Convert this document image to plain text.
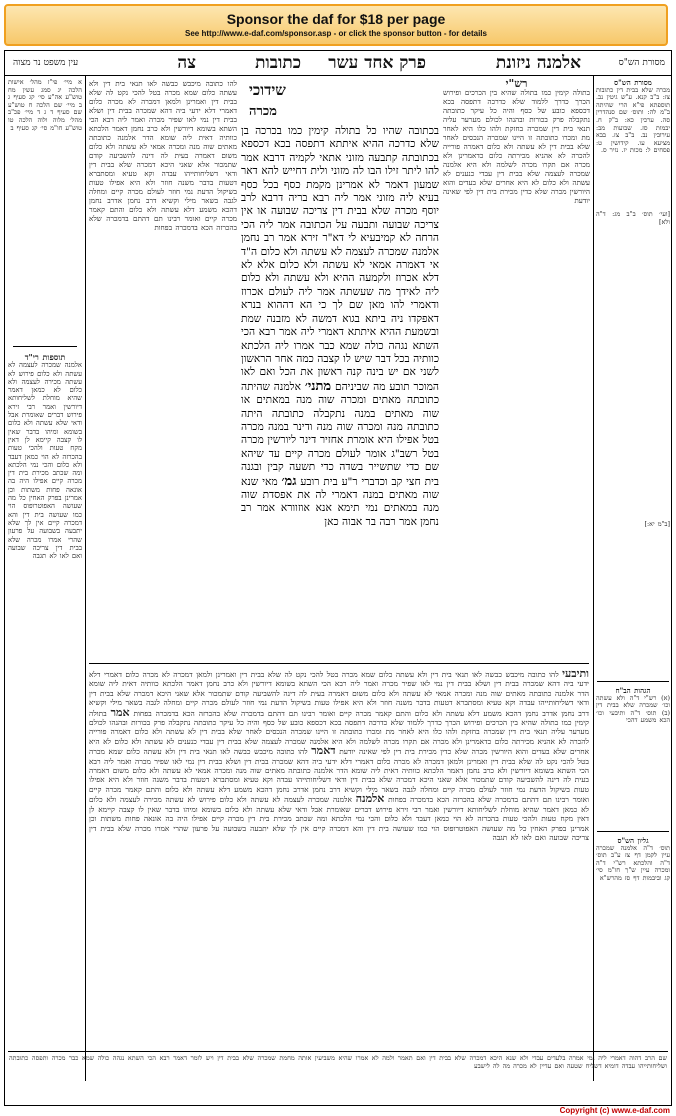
Sponsor the daf for $18 per page
See http://www.e-daf.com/sponsor.asp - or click the sponsor button - for details
מסורת הש"ס
אלמנה ניזונת
פרק אחד עשר
כתובות
צה
עין משפט נר מצוה
מסורת הש"ס
מכרה שלא בבית דין כתובות צז: ב"ב קנא. ע"ש גיטין נב. תוספתא פי"א הרי שהיתה ב"מ לה: ותוס׳ שם סנהדרין סה. ערכין כא: ב"ק ח. יבמות סז. שבועות מב: עירובין נב. ב"ב צז. בבא מציעא עו. קידושין ט: פסחים ל: מכות יז. נזיר ס.
[ועי׳ תוס׳ ב"ב מג: ד"ה ולא]
[ב"מ יא:]
הגהות הב"ח
(א) רש"י ד"ה ולא עשתה וכו׳ שמכרה שלא בבית דין (ב) תוס׳ ד"ה ותיבעי וכו׳ הכא משמע דהכי
גליון הש"ס
תוס׳ ד"ה אלמנה שמכרה עיין לקמן דף צז ע"ב תוס׳ ד"ה והלכתא רש"י ד"ה ומכרה עיין ש"ך חו"מ סי׳ קג וביבמות דף סז מהרש"א
רש"י
בתולה קימין כמו בתולה שהיא בין הכרכים ופירוש הכרך כדרך ללמוד שלא כדרכה דתפסה בכא דכספא כובע של כסף והיה כל עיקר כתובתה נתקבלה פרק בכורות ובהנהו לכולם מערער עליה תנאי בית דין שמכרה בחזקת ולהו כלו היא לאחר מת ומכרו כתובתה זו היינו שמכרה הנכסים לאחר שלא בבית דין לא עשתה ולא כלום דאמרה פורייה להכרה לא אהניא מכירתה כלום כדאמרינן ולא מכרה אם תקרו מכרה לשלמה ולא היא אלמנה שמכרה לעצמה שלא בבית דין עבדי כנענים לא עשתה ולא כלום לא היא אחרים שלא בעדים והוא היורשין מכרה שלא כדין מכירת בית דין לפי שאינה יודעת
להו כתובה מיכבש כבשה לאו תנאי בית דין ולא עשתה כלום שמא מכרה בטל להכי נקט לה שלא בבית דין ואמרינן ולמאן דמכרה לא מכרה כלום דאמרי דלא ידעי ביה דהא שמכרה בבית דין ושלא בבית דין נמי לאו שפיר מכרה ואמר ליה רבא הכי השתא בשומא דיורשין ולא כרב נחמן דאמר הלכתא כוותיה דאית ליה שומא הדר אלמנה כתובתה מאתים שוה מנה ומכרה אמאי לא עשתה ולא כלום משום דאמרה בעית לה דינה להשביעה קודם שתמכור אלא שאני היכא דמכרה שלא בבית דין ודאי דשליחותייהו עבדה וקא טעיא ומסתברא דטעות בדבר משנה חוזר ולא היא אפילו טעות בשיקול הדעת נמי חוזר לעולם מכרה קיים ומחלה לגבה בשאר מילי וקשיא דרב נחמן אדרב נחמן דהכא משמע דלא עשתה ולא כלום והתם קאמר מכרה קיים ואומר רבינו תם דהתם בדמכרה שלא בהכרזה הכא בדמכרה בפחות
שידוכי
מכרה
בכתובה שהיו כל בתולה קימין כמו בכרכה בן שלא כדרכה ההיא איתתא דתפסה בכא דכספא בכתובתה קתבעה מזוני אתאי לקמיה דרבא אמר להו ליתר זילו הבו לה מזוני ולית דחייש להא דאר שמעון דאמר לא אמרינן מקמת כסף בכל כסף בעיא ליה מזוני אמר ליה רבא בריה דרבא לרב יוסף מכרה שלא בבית דין צריכה שבועה או אין צריכה שבועה ותבעה על הכתובה אמר ליה הכי הרחה לא קמיבעיא לי דא"ר זירא אמר רב נחמן אלמנה שמכרה לעצמה לא עשתה ולא כלום ה"ד אי דאמרה אמאי לא עשתה ולא כלום אלא לא דלא אכרוז ולקמעה ההיא ולא עשתה ולא כלום ליה לאידך מה שעשתה אמר ליה לעולם אכרוז ודאמרי להו מאן שם לך כי הא דההוא בנרא דאפקדו ניה ביתא בגוא דמשה לא מזבנה שמת ובשמעת ההיא איתתא דאמרי ליה אמר רבא הכי השתא נגהה כולה שמא כבר אמרו ליה הלכתא כוותיה בכל דבר שיש לו קצבה כמה אחר הראשון לשני אם יש בינה קנה ראשון את הכל ואם לאו המוכר תובע מה שביניהם מתני׳ אלמנה שהיתה כתובתה מאתים ומכרה שוה מנה במאתים או שוה מאתים במנה נתקבלה כתובתה היתה כתובתה מנה ומכרה שוה מנה ודינר במנה מכרה בטל אפילו היא אומרת אחזיר דינר ליורשין מכרה בטל רשב"ג אומר לעולם מכרה קיים עד שיהא שם כדי שתשייר בשדה כדי תשעה קבין ובגנה בית חצי קב וכדברי ר"ע בית רובע גמ׳ מאי שנא שוה מאתים במנה דאמרי לה את אפסדת שוה מנה במאתים נמי תימא אנא אוזוורא אמר רב נחמן אמר רבה בר אבוה כאן
ותיבעי להו כתובה מיכבש כבשה לאו תנאי בית דין ולא עשתה כלום שמא מכרה בטל להכי נקט לה שלא בבית דין ואמרינן ולמאן דמכרה לא מכרה כלום דאמרי דלא ידעי ביה דהא שמכרה בבית דין ושלא בבית דין נמי לאו שפיר מכרה ואמר ליה רבא הכי השתא בשומא דיורשין ולא כרב נחמן דאמר הלכתא כוותיה דאית ליה שומא הדר אלמנה כתובתה מאתים שוה מנה ומכרה אמאי לא עשתה ולא כלום משום דאמרה בעית לה דינה להשביעה קודם שתמכור אלא שאני היכא דמכרה שלא בבית דין ודאי דשליחותייהו עבדה וקא טעיא ומסתברא דטעות בדבר משנה חוזר ולא היא אפילו טעות בשיקול הדעת נמי חוזר לעולם מכרה קיים ומחלה לגבה בשאר מילי וקשיא דרב נחמן אדרב נחמן דהכא משמע דלא עשתה ולא כלום והתם קאמר מכרה קיים ואומר רבינו תם דהתם בדמכרה שלא בהכרזה הכא בדמכרה בפחות אמר בתולה קימין כמו בתולה שהיא בין הכרכים ופירוש הכרך כדרך ללמוד שלא כדרכה דתפסה בכא דכספא כובע של כסף והיה כל עיקר כתובתה נתקבלה פרק בכורות ובהנהו לכולם מערער עליה תנאי בית דין שמכרה בחזקת ולהו כלו היא לאחר מת ומכרו כתובתה זו היינו שמכרה הנכסים לאחר שלא בבית דין לא עשתה ולא כלום דאמרה פורייה להכרה לא אהניא מכירתה כלום כדאמרינן ולא מכרה אם תקרו מכרה לשלמה ולא היא אלמנה שמכרה לעצמה שלא בבית דין עבדי כנענים לא עשתה ולא כלום לא היא אחרים שלא בעדים והוא היורשין מכרה שלא כדין מכירת בית דין לפי שאינה יודעת דאמר להו כתובה מיכבש כבשה לאו תנאי בית דין ולא עשתה כלום שמא מכרה בטל להכי נקט לה שלא בבית דין ואמרינן ולמאן דמכרה לא מכרה כלום דאמרי דלא ידעי ביה דהא שמכרה בבית דין ושלא בבית דין נמי לאו שפיר מכרה ואמר ליה רבא הכי השתא בשומא דיורשין ולא כרב נחמן דאמר הלכתא כוותיה דאית ליה שומא הדר אלמנה כתובתה מאתים שוה מנה ומכרה אמאי לא עשתה ולא כלום משום דאמרה בעית לה דינה להשביעה קודם שתמכור אלא שאני היכא דמכרה שלא בבית דין ודאי דשליחותייהו עבדה וקא טעיא ומסתברא דטעות בדבר משנה חוזר ולא היא אפילו טעות בשיקול הדעת נמי חוזר לעולם מכרה קיים ומחלה לגבה בשאר מילי וקשיא דרב נחמן אדרב נחמן דהכא משמע דלא עשתה ולא כלום והתם קאמר מכרה קיים ואומר רבינו תם דהתם בדמכרה שלא בהכרזה הכא בדמכרה בפחות אלמנה אלמנה שמכרה לעצמה לא עשתה ולא כלום פירוש לא עשתה מכירה לעצמה ולא כלום לא כמאן דאמר שהיא מוחלת לשליחותא דיורשין ואמר רבי זירא פירוש דברים שאומרת אבל ודאי שלא עשתה ולא כלום בשומא ומיהו בדבר שאין לו קצבה קיימא לן דאין מקח טעות ולהכי טעות בהכרזה לא הוי כמאן דעבד ולא כלום והכי נמי הלכתא ומה שכתב מכירת בית דין מכרה קיים אפילו היה בה אונאה פחות משתות וכן אמרינן בפרק האחין כל מה שעושה האפוטרופוס הוי כמו שעושה בית דין והא דמכרה קיים אין לך שלא יתבעה בשבועה על פרעון שהרי אמרו מכרה שלא בבית דין צריכה שבועה ואם לאו לא תגבה
א מיי׳ פי"ז מהל׳ אישות הלכה יג סמג עשין מח טוש"ע אה"ע סי׳ קג סעיף ג ב מיי׳ שם הלכה ח טוש"ע שם סעיף ד ג ד מיי׳ פכ"ב מהל׳ מלוה ולוה הלכה טו טוש"ע חו"מ סי׳ קג סעיף ב
תוספות רי"ד
אלמנה שמכרה לעצמה לא עשתה ולא כלום פירוש לא עשתה מכירה לעצמה ולא כלום לא כמאן דאמר שהיא מוחלת לשליחותא דיורשין ואמר רבי זירא פירוש דברים שאומרת אבל ודאי שלא עשתה ולא כלום בשומא ומיהו בדבר שאין לו קצבה קיימא לן דאין מקח טעות ולהכי טעות בהכרזה לא הוי כמאן דעבד ולא כלום והכי נמי הלכתא ומה שכתב מכירת בית דין מכרה קיים אפילו היה בה אונאה פחות משתות וכן אמרינן בפרק האחין כל מה שעושה האפוטרופוס הוי כמו שעושה בית דין והא דמכרה קיים אין לך שלא יתבעה בשבועה על פרעון שהרי אמרו מכרה שלא בבית דין צריכה שבועה ואם לאו לא תגבה
שם הרב דהוה דאמרי ליה נמי אמרה בלעדים עבדי ולא שנא היכא דמכרה שלא בבית דין ואם תאמר ולמה לא אמרו שהיא משביעין אותה מחמת שמכרה שלא בבית דין ויש לומר דאמר רבא הכי השתא נגהה כולה שמא כבר מכרה ותפסה כתובתה ושליחותייהו עבדה דומיא דשליח שטעה ואם עדיין לא מכרה מה לה לישבע
Copyright (c) www.e-daf.com
